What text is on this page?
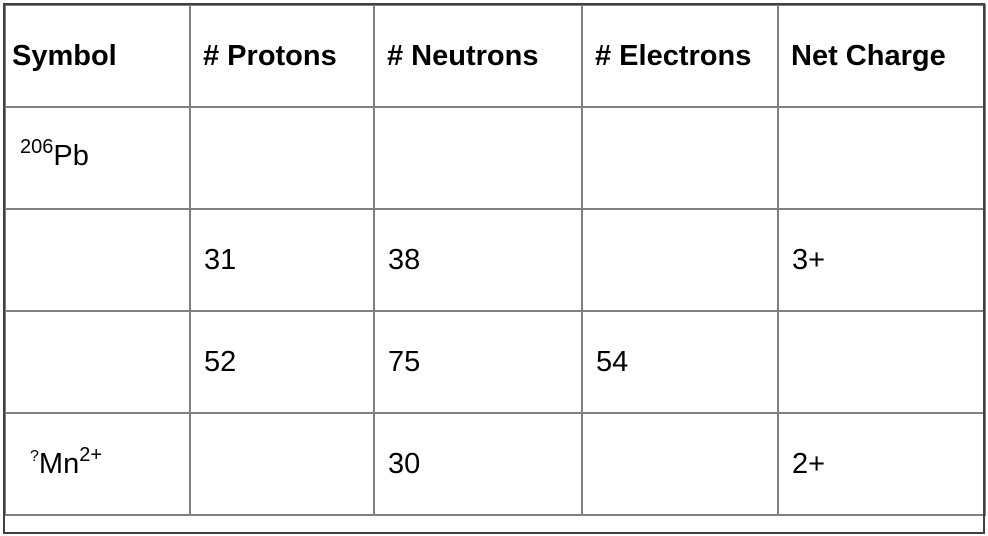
Symbol	# Protons	# Neutrons	# Electrons	Net Charge
$^{206}$Pb				
	31	38		3+
	52	75	54	
$^?Mn^{2+}$		30		2+
